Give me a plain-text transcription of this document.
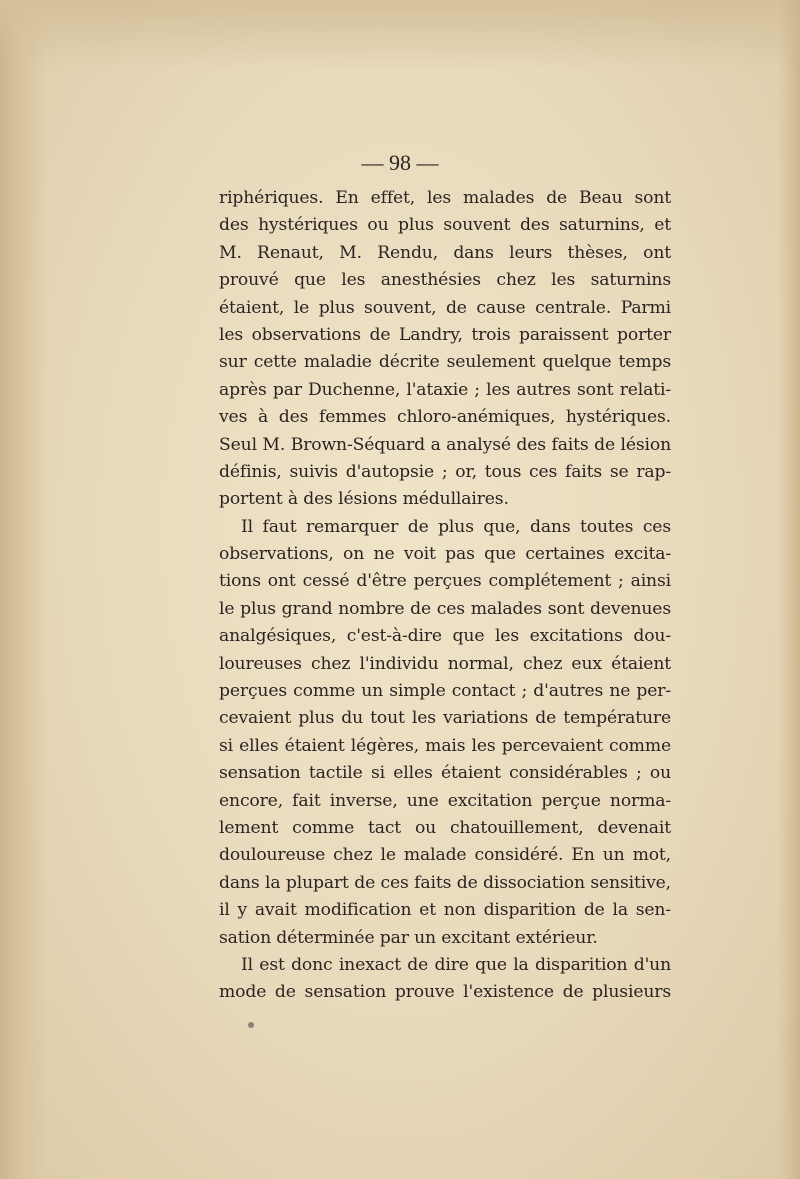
— 98 —

riphériques. En effet, les malades de Beau sont
des hystériques ou plus souvent des saturnins, et
M. Renaut, M. Rendu, dans leurs thèses, ont
prouvé que les anesthésies chez les saturnins
étaient, le plus souvent, de cause centrale. Parmi
les observations de Landry, trois paraissent porter
sur cette maladie décrite seulement quelque temps
après par Duchenne, l'ataxie ; les autres sont relati-
ves à des femmes chloro-anémiques, hystériques.
Seul M. Brown-Séquard a analysé des faits de lésion
définis, suivis d'autopsie ; or, tous ces faits se rap-
portent à des lésions médullaires.
Il faut remarquer de plus que, dans toutes ces
observations, on ne voit pas que certaines excita-
tions ont cessé d'être perçues complétement ; ainsi
le plus grand nombre de ces malades sont devenues
analgésiques, c'est-à-dire que les excitations dou-
loureuses chez l'individu normal, chez eux étaient
perçues comme un simple contact ; d'autres ne per-
cevaient plus du tout les variations de température
si elles étaient légères, mais les percevaient comme
sensation tactile si elles étaient considérables ; ou
encore, fait inverse, une excitation perçue norma-
lement comme tact ou chatouillement, devenait
douloureuse chez le malade considéré. En un mot,
dans la plupart de ces faits de dissociation sensitive,
il y avait modification et non disparition de la sen-
sation déterminée par un excitant extérieur.
Il est donc inexact de dire que la disparition d'un
mode de sensation prouve l'existence de plusieurs
